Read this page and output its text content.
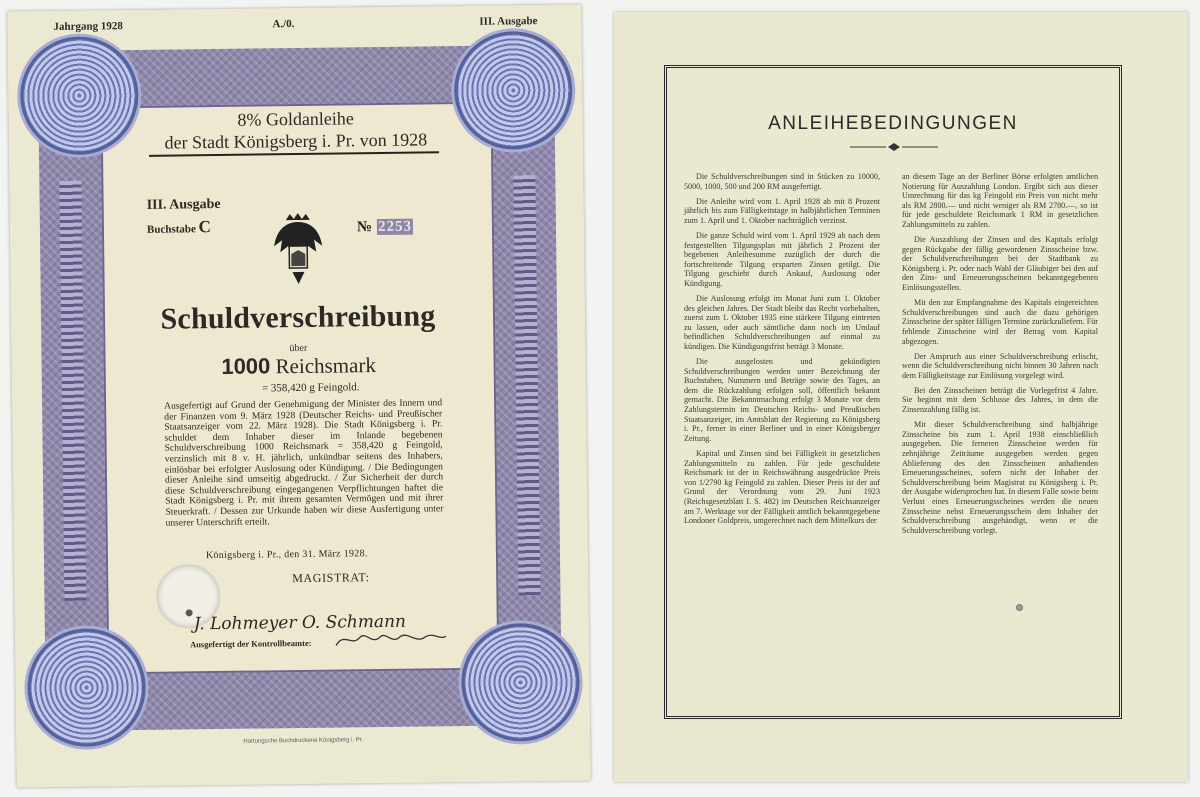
Jahrgang 1928	A./0.	III. Ausgabe
8% Goldanleihe
der Stadt Königsberg i. Pr. von 1928
III. Ausgabe
Buchstabe C	№ 2253
Schuldverschreibung
über
1000 Reichsmark
= 358,420 g Feingold.
Ausgefertigt auf Grund der Genehmigung der Minister des Innern und der Finanzen vom 9. März 1928 (Deutscher Reichs- und Preußischer Staatsanzeiger vom 22. März 1928). Die Stadt Königsberg i. Pr. schuldet dem Inhaber dieser im Inlande begebenen Schuldverschreibung 1000 Reichsmark = 358,420 g Feingold, verzinslich mit 8 v. H. jährlich, unkündbar seitens des Inhabers, einlösbar bei erfolgter Auslosung oder Kündigung. / Die Bedingungen dieser Anleihe sind umseitig abgedruckt. / Zur Sicherheit der durch diese Schuldverschreibung eingegangenen Verpflichtungen haftet die Stadt Königsberg i. Pr. mit ihrem gesamten Vermögen und mit ihrer Steuerkraft. / Dessen zur Urkunde haben wir diese Ausfertigung unter unserer Unterschrift erteilt.
Königsberg i. Pr., den 31. März 1928.
MAGISTRAT:
J. Lohmeyer O. Schmann
Ausgefertigt der Kontrollbeamte:
Hartungsche Buchdruckerei Königsberg i. Pr.
ANLEIHEBEDINGUNGEN

Die Schuldverschreibungen sind in Stücken zu 10000, 5000, 1000, 500 und 200 RM ausgefertigt.

Die Anleihe wird vom 1. April 1928 ab mit 8 Prozent jährlich bis zum Fälligkeitstage in halbjährlichen Terminen zum 1. April und 1. Oktober nachträglich verzinst.

Die ganze Schuld wird vom 1. April 1929 ab nach dem festgestellten Tilgungsplan mit jährlich 2 Prozent der begebenen Anleihesumme zuzüglich der durch die fortschreitende Tilgung ersparten Zinsen getilgt. Die Tilgung geschieht durch Ankauf, Auslosung oder Kündigung.

Die Auslosung erfolgt im Monat Juni zum 1. Oktober des gleichen Jahres. Der Stadt bleibt das Recht vorbehalten, zuerst zum 1. Oktober 1935 eine stärkere Tilgung eintreten zu lassen, oder auch sämtliche dann noch im Umlauf befindlichen Schuldverschreibungen auf einmal zu kündigen. Die Kündigungsfrist beträgt 3 Monate.

Die ausgelosten und gekündigten Schuldverschreibungen werden unter Bezeichnung der Buchstaben, Nummern und Beträge sowie des Tages, an dem die Rückzahlung erfolgen soll, öffentlich bekannt gemacht. Die Bekanntmachung erfolgt 3 Monate vor dem Zahlungstermin im Deutschen Reichs- und Preußischen Staatsanzeiger, im Amtsblatt der Regierung zu Königsberg i. Pr., ferner in einer Berliner und in einer Königsberger Zeitung.

Kapital und Zinsen sind bei Fälligkeit in gesetzlichen Zahlungsmitteln zu zahlen. Für jede geschuldete Reichsmark ist der in Reichswährung ausgedrückte Preis von 1/2790 kg Feingold zu zahlen. Dieser Preis ist der auf Grund der Verordnung vom 29. Juni 1923 (Reichsgesetzblatt I. S. 482) im Deutschen Reichsanzeiger am 7. Werktage vor der Fälligkeit amtlich bekanntgegebene Londoner Goldpreis, umgerechnet nach dem Mittelkurs der

an diesem Tage an der Berliner Börse erfolgten amtlichen Notierung für Auszahlung London. Ergibt sich aus dieser Umrechnung für das kg Feingold ein Preis von nicht mehr als RM 2800.— und nicht weniger als RM 2780.—, so ist für jede geschuldete Reichsmark 1 RM in gesetzlichen Zahlungsmitteln zu zahlen.

Die Auszahlung der Zinsen und des Kapitals erfolgt gegen Rückgabe der fällig gewordenen Zinsscheine bzw. der Schuldverschreibungen bei der Stadtbank zu Königsberg i. Pr. oder nach Wahl der Gläubiger bei den auf den Zins- und Erneuerungsscheinen bekanntgegebenen Einlösungsstellen.

Mit den zur Empfangnahme des Kapitals eingereichten Schuldverschreibungen sind auch die dazu gehörigen Zinsscheine der später fälligen Termine zurückzuliefern. Für fehlende Zinsscheine wird der Betrag vom Kapital abgezogen.

Der Anspruch aus einer Schuldverschreibung erlischt, wenn die Schuldverschreibung nicht binnen 30 Jahren nach dem Fälligkeitstage zur Einlösung vorgelegt wird.

Bei den Zinsscheinen beträgt die Vorlegefrist 4 Jahre. Sie beginnt mit dem Schlusse des Jahres, in dem die Zinsenzahlung fällig ist.

Mit dieser Schuldverschreibung sind halbjährige Zinsscheine bis zum 1. April 1938 einschließlich ausgegeben. Die ferneren Zinsscheine werden für zehnjährige Zeiträume ausgegeben werden gegen Ablieferung des den Zinsscheinen anhaftenden Erneuerungsscheines, sofern nicht der Inhaber der Schuldverschreibung beim Magistrat zu Königsberg i. Pr. der Ausgabe widersprochen hat. In diesem Falle sowie beim Verlust eines Erneuerungsscheines werden die neuen Zinsscheine nebst Erneuerungsschein dem Inhaber der Schuldverschreibung ausgehändigt, wenn er die Schuldverschreibung vorlegt.
